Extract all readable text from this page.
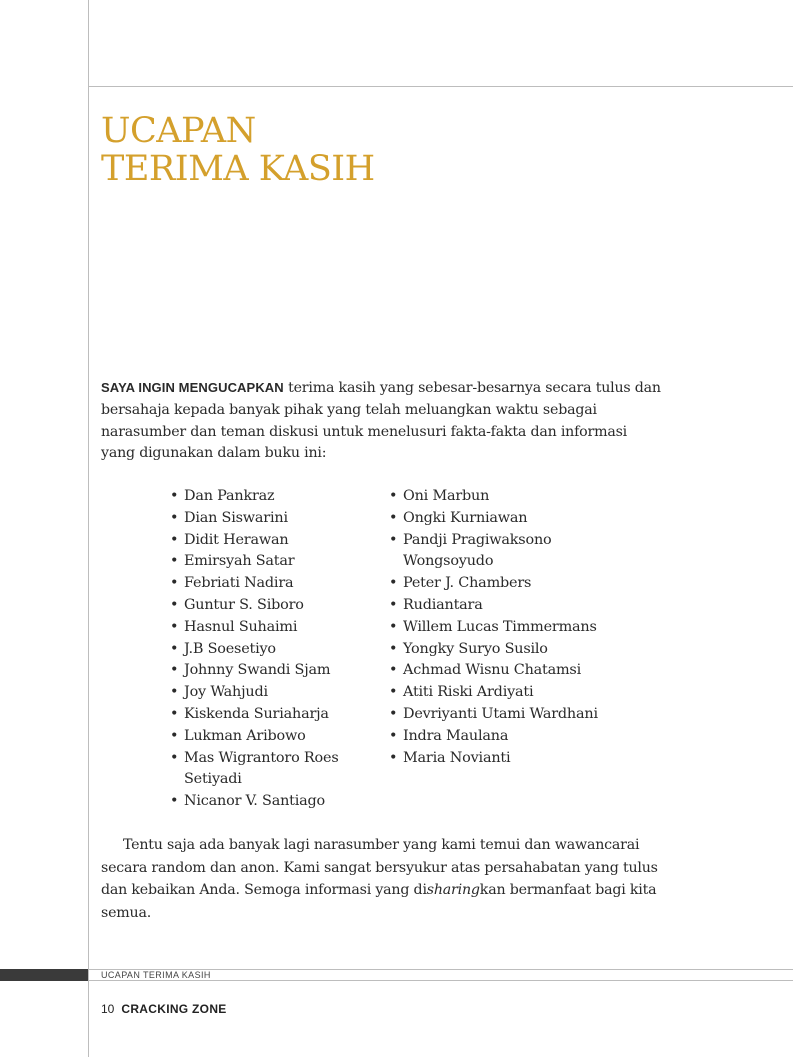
UCAPAN
TERIMA KASIH

SAYA INGIN MENGUCAPKAN terima kasih yang sebesar-besarnya secara tulus dan bersahaja kepada banyak pihak yang telah meluangkan waktu sebagai narasumber dan teman diskusi untuk menelusuri fakta-fakta dan informasi yang digunakan dalam buku ini:

• Dan Pankraz
• Dian Siswarini
• Didit Herawan
• Emirsyah Satar
• Febriati Nadira
• Guntur S. Siboro
• Hasnul Suhaimi
• J.B Soesetiyo
• Johnny Swandi Sjam
• Joy Wahjudi
• Kiskenda Suriaharja
• Lukman Aribowo
• Mas Wigrantoro Roes Setiyadi
• Nicanor V. Santiago
• Oni Marbun
• Ongki Kurniawan
• Pandji Pragiwaksono Wongsoyudo
• Peter J. Chambers
• Rudiantara
• Willem Lucas Timmermans
• Yongky Suryo Susilo
• Achmad Wisnu Chatamsi
• Atiti Riski Ardiyati
• Devriyanti Utami Wardhani
• Indra Maulana
• Maria Novianti

Tentu saja ada banyak lagi narasumber yang kami temui dan wawancarai secara random dan anon. Kami sangat bersyukur atas persahabatan yang tulus dan kebaikan Anda. Semoga informasi yang disharingkan bermanfaat bagi kita semua.

UCAPAN TERIMA KASIH
10 CRACKING ZONE
